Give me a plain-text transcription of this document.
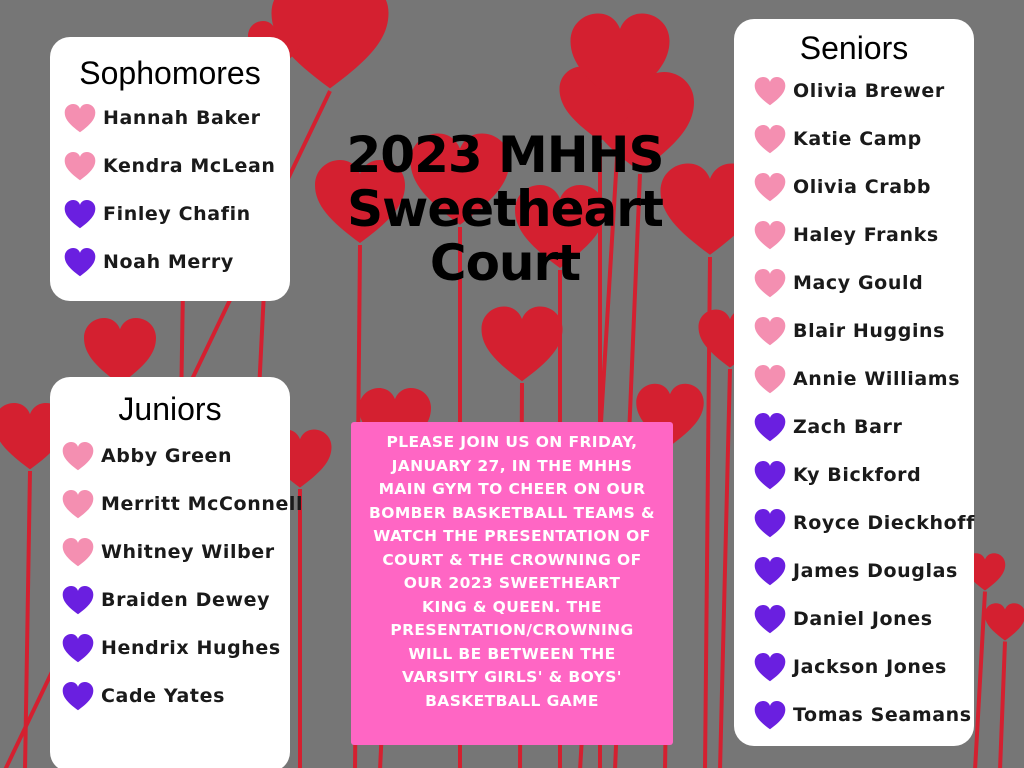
2023 MHHS Sweetheart Court
Sophomores
Hannah Baker
Kendra McLean
Finley Chafin
Noah Merry
Juniors
Abby Green
Merritt McConnell
Whitney Wilber
Braiden Dewey
Hendrix Hughes
Cade Yates
Seniors
Olivia Brewer
Katie Camp
Olivia Crabb
Haley Franks
Macy Gould
Blair Huggins
Annie Williams
Zach Barr
Ky Bickford
Royce Dieckhoff
James Douglas
Daniel Jones
Jackson Jones
Tomas Seamans
PLEASE JOIN US ON FRIDAY,
JANUARY 27, IN THE MHHS
MAIN GYM TO CHEER ON OUR
BOMBER BASKETBALL TEAMS &
WATCH THE PRESENTATION OF
COURT & THE CROWNING OF
OUR 2023 SWEETHEART
KING & QUEEN. THE
PRESENTATION/CROWNING
WILL BE BETWEEN THE
VARSITY GIRLS' & BOYS'
BASKETBALL GAME
